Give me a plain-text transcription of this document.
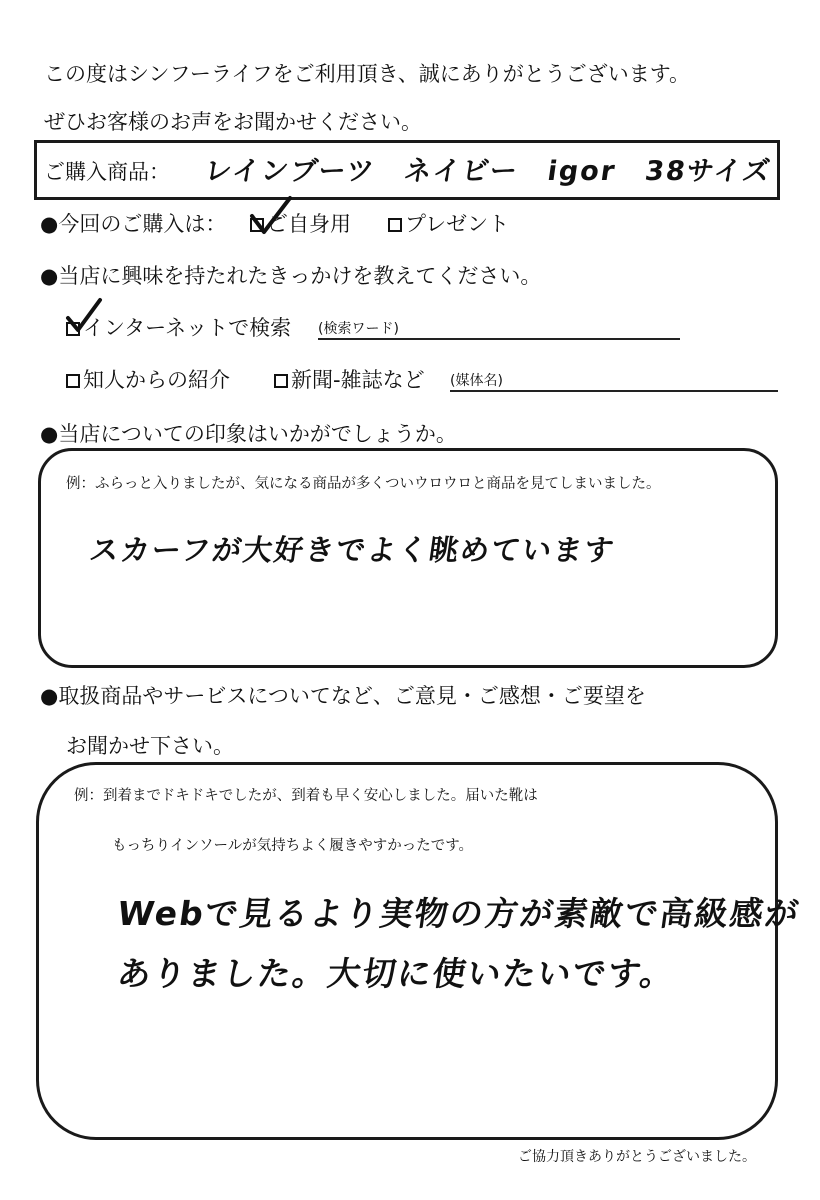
この度はシンフーライフをご利用頂き、誠にありがとうございます。
ぜひお客様のお声をお聞かせください。
ご購入商品： レインブーツ　ネイビー　igor　38サイズ
●今回のご購入は：	ご自身用	プレゼント
●当店に興味を持たれたきっかけを教えてください。
インターネットで検索 (検索ワード)
知人からの紹介	新聞-雑誌など (媒体名)
●当店についての印象はいかがでしょうか。
例：ふらっと入りましたが、気になる商品が多くついウロウロと商品を見てしまいました。
スカーフが大好きでよく眺めています
●取扱商品やサービスについてなど、ご意見・ご感想・ご要望を
お聞かせ下さい。
例：到着までドキドキでしたが、到着も早く安心しました。届いた靴は
もっちりインソールが気持ちよく履きやすかったです。
Webで見るより実物の方が素敵で高級感が
ありました。大切に使いたいです。
ご協力頂きありがとうございました。
